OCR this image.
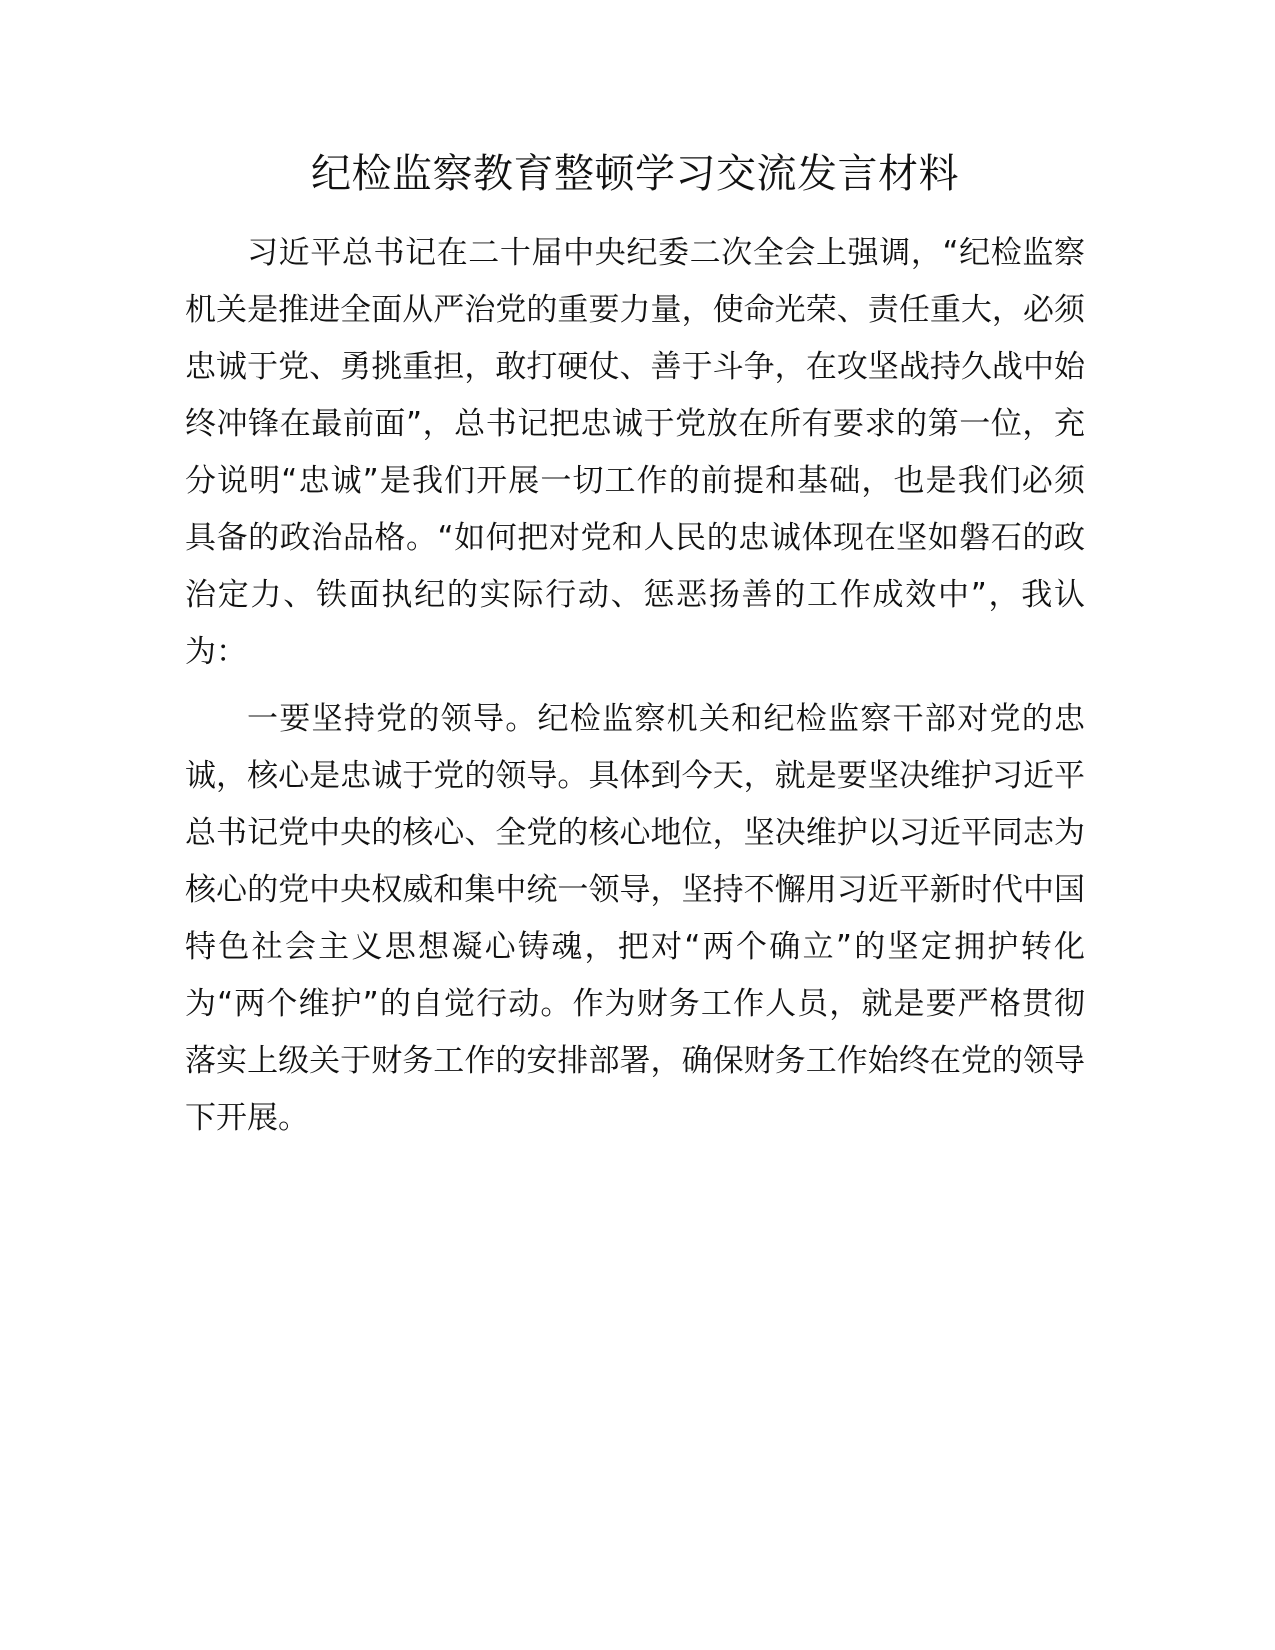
纪检监察教育整顿学习交流发言材料

习近平总书记在二十届中央纪委二次全会上强调，“纪检监察机关是推进全面从严治党的重要力量，使命光荣、责任重大，必须忠诚于党、勇挑重担，敢打硬仗、善于斗争，在攻坚战持久战中始终冲锋在最前面”，总书记把忠诚于党放在所有要求的第一位，充分说明“忠诚”是我们开展一切工作的前提和基础，也是我们必须具备的政治品格。“如何把对党和人民的忠诚体现在坚如磐石的政治定力、铁面执纪的实际行动、惩恶扬善的工作成效中”，我认为：

一要坚持党的领导。纪检监察机关和纪检监察干部对党的忠诚，核心是忠诚于党的领导。具体到今天，就是要坚决维护习近平总书记党中央的核心、全党的核心地位，坚决维护以习近平同志为核心的党中央权威和集中统一领导，坚持不懈用习近平新时代中国特色社会主义思想凝心铸魂，把对“两个确立”的坚定拥护转化为“两个维护”的自觉行动。作为财务工作人员，就是要严格贯彻落实上级关于财务工作的安排部署，确保财务工作始终在党的领导下开展。
